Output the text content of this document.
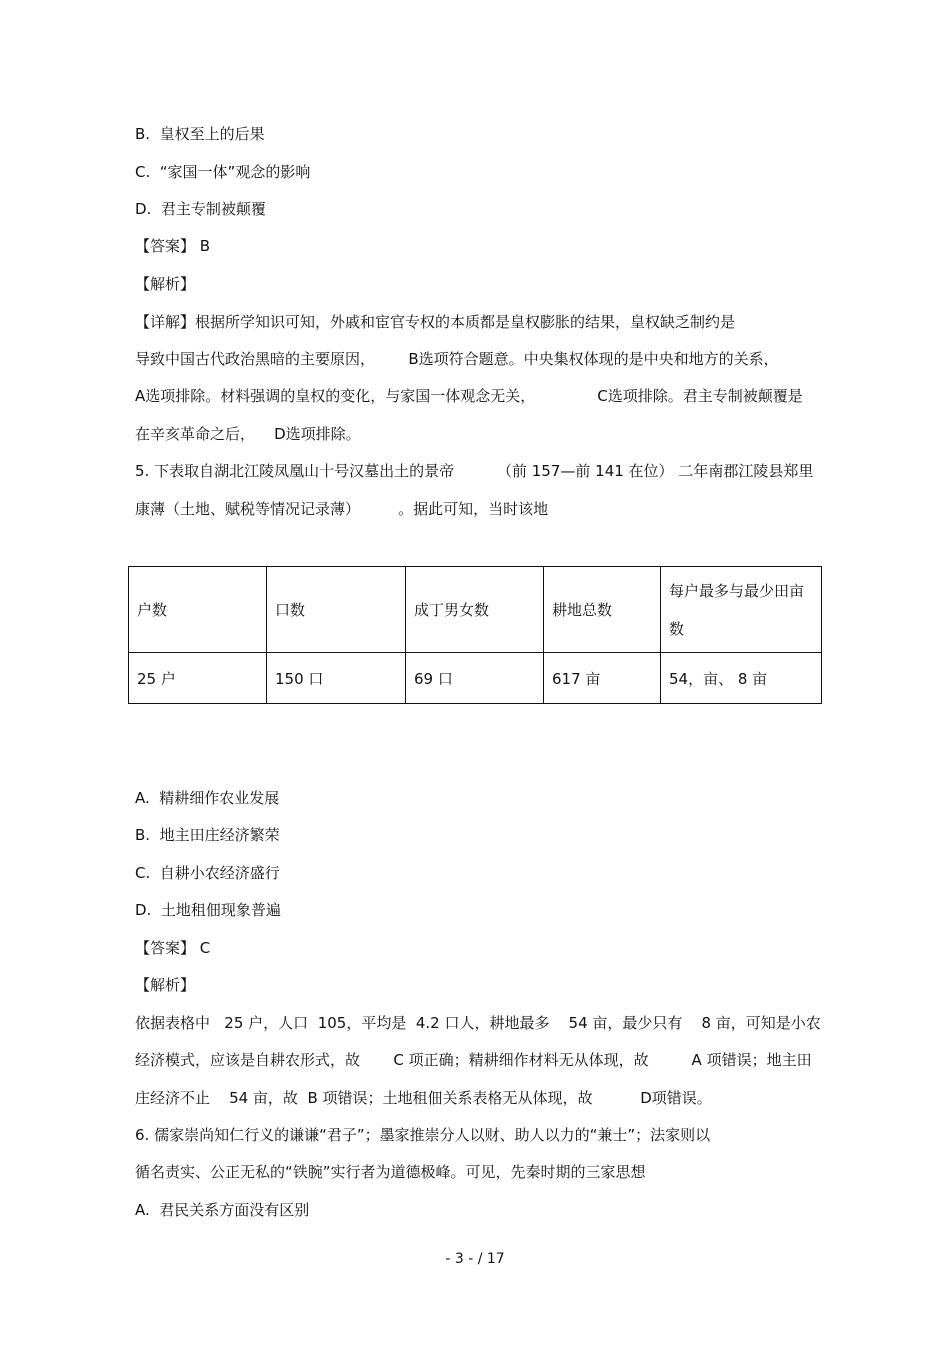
B.  皇权至上的后果
C.  “家国一体”观念的影响
D.  君主专制被颠覆
【答案】 B
【解析】
【详解】根据所学知识可知，外戚和宦官专权的本质都是皇权膨胀的结果，皇权缺乏制约是
导致中国古代政治黑暗的主要原因，       B选项符合题意。中央集权体现的是中央和地方的关系，
A选项排除。材料强调的皇权的变化，与家国一体观念无关，             C选项排除。君主专制被颠覆是
在辛亥革命之后，    D选项排除。
5. 下表取自湖北江陵凤凰山十号汉墓出土的景帝         （前 157—前 141 在位） 二年南郡江陵县郑里
康薄（土地、赋税等情况记录薄）        。据此可知，当时该地
户数	口数	成丁男女数	耕地总数	每户最多与最少田亩数
25 户	150 口	69 口	617 亩	54，亩、 8 亩
A.  精耕细作农业发展
B.  地主田庄经济繁荣
C.  自耕小农经济盛行
D.  土地租佃现象普遍
【答案】 C
【解析】
依据表格中   25 户，人口  105，平均是  4.2 口人，耕地最多    54 亩，最少只有    8 亩，可知是小农
经济模式，应该是自耕农形式，故       C 项正确；精耕细作材料无从体现，故         A 项错误；地主田
庄经济不止    54 亩，故  B 项错误；土地租佃关系表格无从体现，故          D项错误。
6. 儒家崇尚知仁行义的谦谦“君子”；墨家推崇分人以财、助人以力的“兼士”；法家则以
循名责实、公正无私的“铁腕”实行者为道德极峰。可见，先秦时期的三家思想
A.  君民关系方面没有区别
- 3 - / 17
